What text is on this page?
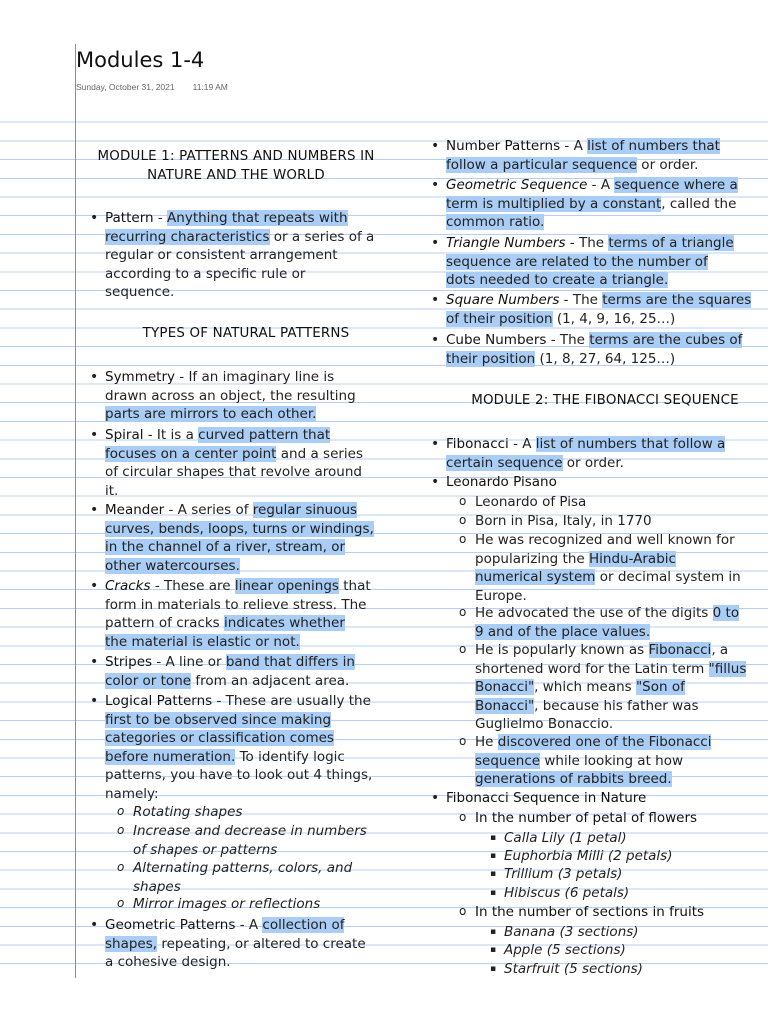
Modules 1-4
Sunday, October 31, 2021 11:19 AM
MODULE 1: PATTERNS AND NUMBERS IN
NATURE AND THE WORLD
• Pattern - Anything that repeats with
recurring characteristics or a series of a
regular or consistent arrangement
according to a specific rule or
sequence.
TYPES OF NATURAL PATTERNS
• Symmetry - If an imaginary line is
drawn across an object, the resulting
parts are mirrors to each other.
• Spiral - It is a curved pattern that
focuses on a center point and a series
of circular shapes that revolve around
it.
• Meander - A series of regular sinuous
curves, bends, loops, turns or windings,
in the channel of a river, stream, or
other watercourses.
• Cracks - These are linear openings that
form in materials to relieve stress. The
pattern of cracks indicates whether
the material is elastic or not.
• Stripes - A line or band that differs in
color or tone from an adjacent area.
• Logical Patterns - These are usually the
first to be observed since making
categories or classification comes
before numeration. To identify logic
patterns, you have to look out 4 things,
namely:
• Geometric Patterns - A collection of
shapes, repeating, or altered to create
a cohesive design.
o Rotating shapes
o Increase and decrease in numbers
of shapes or patterns
o Alternating patterns, colors, and
shapes
o Mirror images or reflections
• Number Patterns - A list of numbers that
follow a particular sequence or order.
• Geometric Sequence - A sequence where a
term is multiplied by a constant, called the
common ratio.
• Triangle Numbers - The terms of a triangle
sequence are related to the number of
dots needed to create a triangle.
• Square Numbers - The terms are the squares
of their position (1, 4, 9, 16, 25…)
• Cube Numbers - The terms are the cubes of
their position (1, 8, 27, 64, 125…)
MODULE 2: THE FIBONACCI SEQUENCE
• Fibonacci - A list of numbers that follow a
certain sequence or order.
• Leonardo Pisano
o Leonardo of Pisa
o Born in Pisa, Italy, in 1770
o He was recognized and well known for
popularizing the Hindu-Arabic
numerical system or decimal system in
Europe.
o He advocated the use of the digits 0 to
9 and of the place values.
o He is popularly known as Fibonacci, a
shortened word for the Latin term "fillus
Bonacci", which means "Son of
Bonacci", because his father was
Guglielmo Bonaccio.
o He discovered one of the Fibonacci
sequence while looking at how
generations of rabbits breed.
• Fibonacci Sequence in Nature
o In the number of petal of flowers
▪ Calla Lily (1 petal)
▪ Euphorbia Milli (2 petals)
▪ Trillium (3 petals)
▪ Hibiscus (6 petals)
o In the number of sections in fruits
▪ Banana (3 sections)
▪ Apple (5 sections)
▪ Starfruit (5 sections)
